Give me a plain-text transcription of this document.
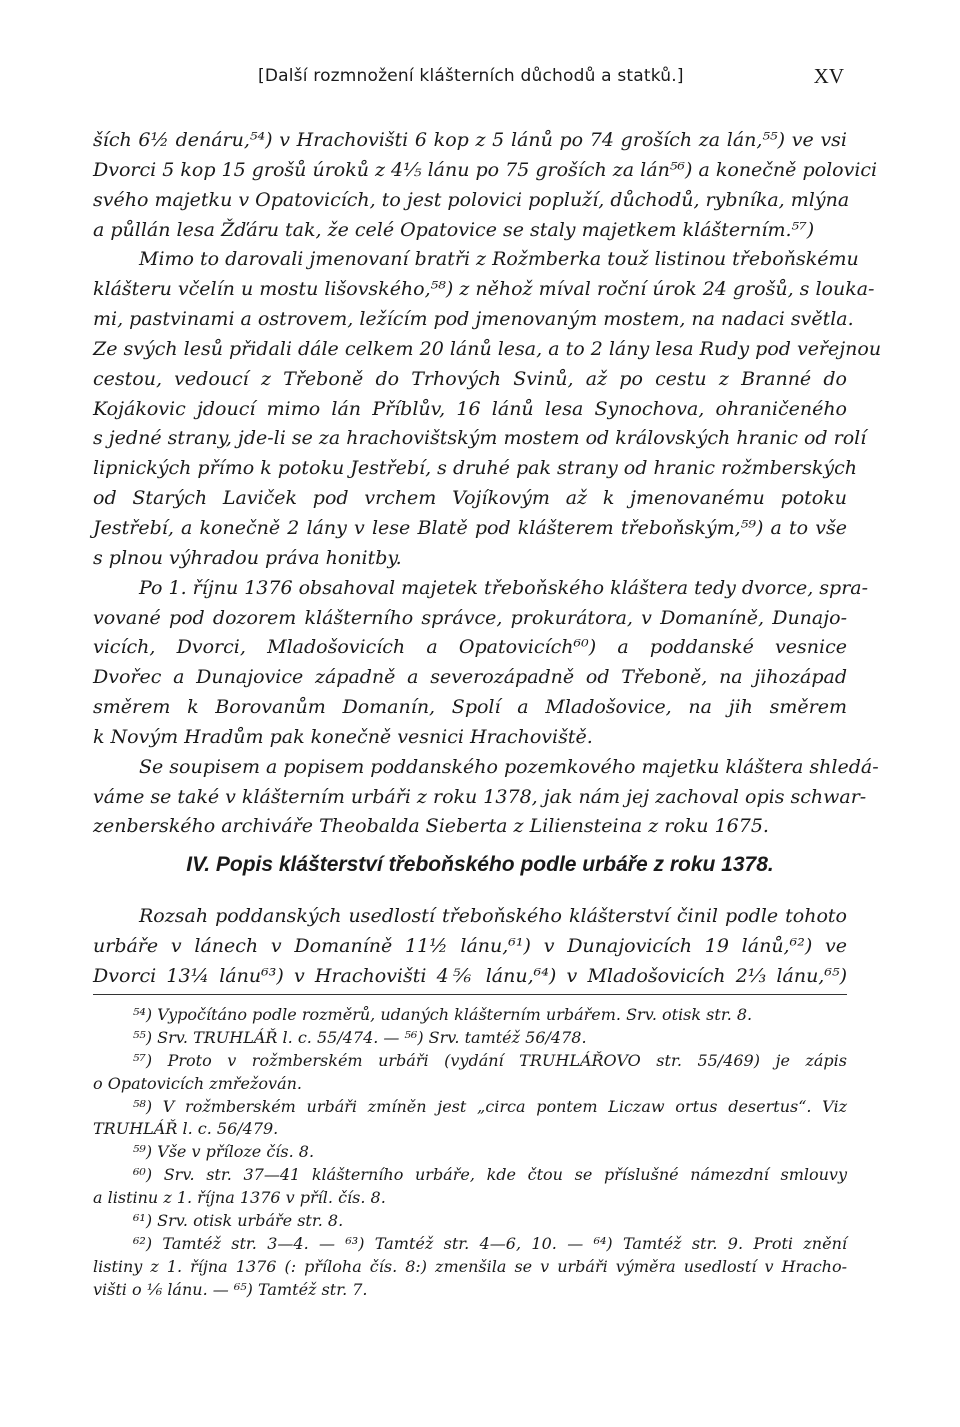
[Další rozmnožení klášterních důchodů a statků.]	XV
ších 6½ denáru,⁵⁴) v Hrachovišti 6 kop z 5 lánů po 74 groších za lán,⁵⁵) ve vsi
Dvorci 5 kop 15 grošů úroků z 4⅕ lánu po 75 groších za lán⁵⁶) a konečně polovici
svého majetku v Opatovicích, to jest polovici popluží, důchodů, rybníka, mlýna
a půllán lesa Žďáru tak, že celé Opatovice se staly majetkem klášterním.⁵⁷)
Mimo to darovali jmenovaní bratři z Rožmberka touž listinou třeboňskému
klášteru včelín u mostu lišovského,⁵⁸) z něhož míval roční úrok 24 grošů, s louka-
mi, pastvinami a ostrovem, ležícím pod jmenovaným mostem, na nadaci světla.
Ze svých lesů přidali dále celkem 20 lánů lesa, a to 2 lány lesa Rudy pod veřejnou
cestou, vedoucí z Třeboně do Trhových Svinů, až po cestu z Branné do
Kojákovic jdoucí mimo lán Příblův, 16 lánů lesa Synochova, ohraničeného
s jedné strany, jde-li se za hrachovištským mostem od královských hranic od rolí
lipnických přímo k potoku Jestřebí, s druhé pak strany od hranic rožmberských
od Starých Laviček pod vrchem Vojíkovým až k jmenovanému potoku
Jestřebí, a konečně 2 lány v lese Blatě pod klášterem třeboňským,⁵⁹) a to vše
s plnou výhradou práva honitby.
Po 1. říjnu 1376 obsahoval majetek třeboňského kláštera tedy dvorce, spra-
vované pod dozorem klášterního správce, prokurátora, v Domaníně, Dunajo-
vicích, Dvorci, Mladošovicích a Opatovicích⁶⁰) a poddanské vesnice
Dvořec a Dunajovice západně a severozápadně od Třeboně, na jihozápad
směrem k Borovanům Domanín, Spolí a Mladošovice, na jih směrem
k Novým Hradům pak konečně vesnici Hrachoviště.
Se soupisem a popisem poddanského pozemkového majetku kláštera shledá-
váme se také v klášterním urbáři z roku 1378, jak nám jej zachoval opis schwar-
zenberského archiváře Theobalda Sieberta z Liliensteina z roku 1675.
IV. Popis klášterství třeboňského podle urbáře z roku 1378.
Rozsah poddanských usedlostí třeboňského klášterství činil podle tohoto
urbáře v lánech v Domaníně 11½ lánu,⁶¹) v Dunajovicích 19 lánů,⁶²) ve
Dvorci 13¼ lánu⁶³) v Hrachovišti 4⅚ lánu,⁶⁴) v Mladošovicích 2⅓ lánu,⁶⁵)
⁵⁴) Vypočítáno podle rozměrů, udaných klášterním urbářem. Srv. otisk str. 8.
⁵⁵) Srv. TRUHLÁŘ l. c. 55/474. — ⁵⁶) Srv. tamtéž 56/478.
⁵⁷) Proto v rožmberském urbáři (vydání TRUHLÁŘOVO str. 55/469) je zápis
o Opatovicích zmřežován.
⁵⁸) V rožmberském urbáři zmíněn jest „circa pontem Liczaw ortus desertus“. Viz
TRUHLÁŘ l. c. 56/479.
⁵⁹) Vše v příloze čís. 8.
⁶⁰) Srv. str. 37—41 klášterního urbáře, kde čtou se příslušné námezdní smlouvy
a listinu z 1. října 1376 v příl. čís. 8.
⁶¹) Srv. otisk urbáře str. 8.
⁶²) Tamtéž str. 3—4. — ⁶³) Tamtéž str. 4—6, 10. — ⁶⁴) Tamtéž str. 9. Proti znění
listiny z 1. října 1376 (: příloha čís. 8:) zmenšila se v urbáři výměra usedlostí v Hracho-
višti o ⅙ lánu. — ⁶⁵) Tamtéž str. 7.
